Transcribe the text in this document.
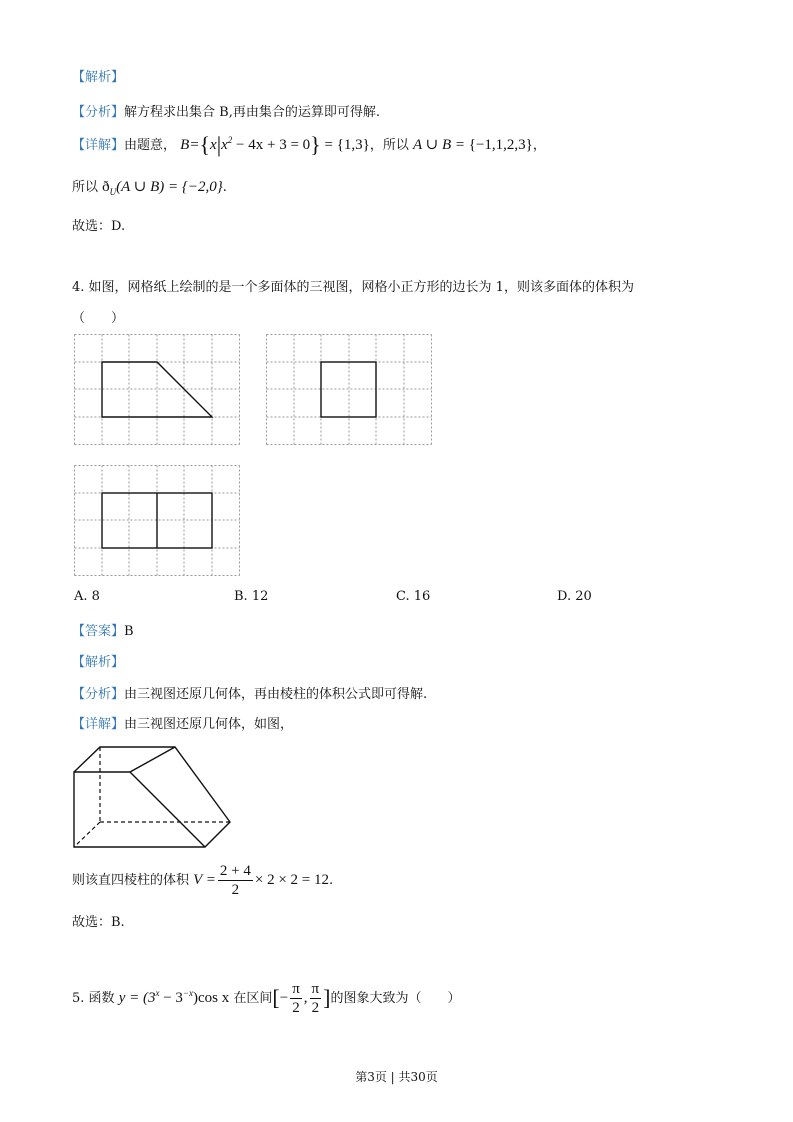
【解析】
【分析】解方程求出集合 B,再由集合的运算即可得解.
【详解】由题意， $B=\{x|x^2 - 4x + 3 = 0\} = \{1,3\}$，所以 A ∪ B = {−1,1,2,3}，
所以 $ð_U(A$ ∪ B) = {−2,0}.
故选：D.
4. 如图，网格纸上绘制的是一个多面体的三视图，网格小正方形的边长为 1，则该多面体的体积为
（　　）
A. 8	B. 12	C. 16	D. 20
【答案】B
【解析】
【分析】由三视图还原几何体，再由棱柱的体积公式即可得解.
【详解】由三视图还原几何体，如图，
则该直四棱柱的体积 $V = \frac{2 + 4}{2} \times 2 \times 2 = 12$.
故选：B.
5. 函数 $y = (3^x - 3^{-x})\cos$ x 在区间[− $\frac{\pi}{2}$ , $\frac{\pi}{2}$ ]的图象大致为（　　）
第3页 | 共30页
